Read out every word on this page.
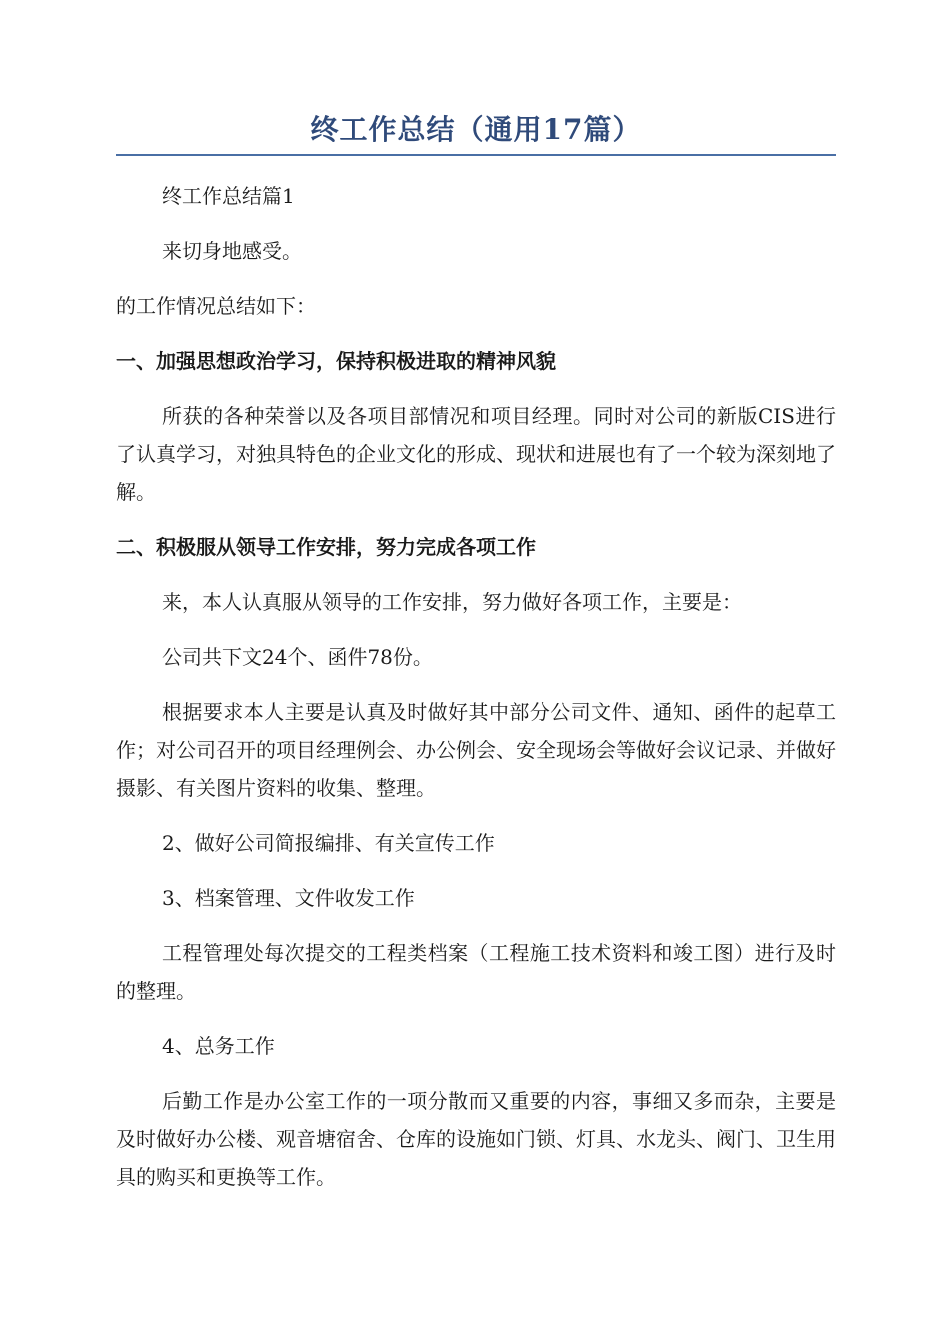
终工作总结（通用17篇）

终工作总结篇1

来切身地感受。

的工作情况总结如下：

一、加强思想政治学习，保持积极进取的精神风貌

所获的各种荣誉以及各项目部情况和项目经理。同时对公司的新版CIS进行了认真学习，对独具特色的企业文化的形成、现状和进展也有了一个较为深刻地了解。

二、积极服从领导工作安排，努力完成各项工作

来，本人认真服从领导的工作安排，努力做好各项工作，主要是：

公司共下文24个、函件78份。

根据要求本人主要是认真及时做好其中部分公司文件、通知、函件的起草工作；对公司召开的项目经理例会、办公例会、安全现场会等做好会议记录、并做好摄影、有关图片资料的收集、整理。

2、做好公司简报编排、有关宣传工作

3、档案管理、文件收发工作

工程管理处每次提交的工程类档案（工程施工技术资料和竣工图）进行及时的整理。

4、总务工作

后勤工作是办公室工作的一项分散而又重要的内容，事细又多而杂，主要是及时做好办公楼、观音塘宿舍、仓库的设施如门锁、灯具、水龙头、阀门、卫生用具的购买和更换等工作。
